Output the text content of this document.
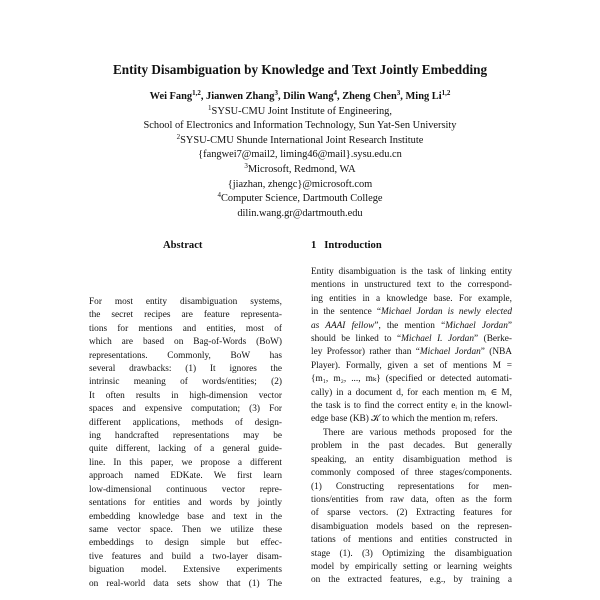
Entity Disambiguation by Knowledge and Text Jointly Embedding
Wei Fang$^{1,2}$, Jianwen Zhang$^3$, Dilin Wang$^4$, Zheng Chen$^3$, Ming Li$^{1,2}$
$^1$SYSU-CMU Joint Institute of Engineering,
School of Electronics and Information Technology, Sun Yat-Sen University
$^2$SYSU-CMU Shunde International Joint Research Institute
{fangwei7@mail2, liming46@mail}.sysu.edu.cn
$^3$Microsoft, Redmond, WA
{jiazhan, zhengc}@microsoft.com
$^4$Computer Science, Dartmouth College
dilin.wang.gr@dartmouth.edu
Abstract	1 Introduction
For most entity disambiguation systems,
the secret recipes are feature representa-
tions for mentions and entities, most of
which are based on Bag-of-Words (BoW)
representations. Commonly, BoW has
several drawbacks: (1) It ignores the
intrinsic meaning of words/entities; (2)
It often results in high-dimension vector
spaces and expensive computation; (3) For
different applications, methods of design-
ing handcrafted representations may be
quite different, lacking of a general guide-
line. In this paper, we propose a different
approach named EDKate. We first learn
low-dimensional continuous vector repre-
sentations for entities and words by jointly
embedding knowledge base and text in the
same vector space. Then we utilize these
embeddings to design simple but effec-
tive features and build a two-layer disam-
biguation model. Extensive experiments
on real-world data sets show that (1) The
Entity disambiguation is the task of linking entity
mentions in unstructured text to the correspond-
ing entities in a knowledge base. For example,
in the sentence “Michael Jordan is newly elected
as AAAI fellow”, the mention “Michael Jordan”
should be linked to “Michael I. Jordan” (Berke-
ley Professor) rather than “Michael Jordan” (NBA
Player). Formally, given a set of mentions M =
{m₁, m₂, ..., mₖ} (specified or detected automati-
cally) in a document d, for each mention mᵢ ∈ M,
the task is to find the correct entity eᵢ in the knowl-
edge base (KB) 𝒦 to which the mention mᵢ refers.
There are various methods proposed for the
problem in the past decades. But generally
speaking, an entity disambiguation method is
commonly composed of three stages/components.
(1) Constructing representations for men-
tions/entities from raw data, often as the form
of sparse vectors. (2) Extracting features for
disambiguation models based on the represen-
tations of mentions and entities constructed in
stage (1). (3) Optimizing the disambiguation
model by empirically setting or learning weights
on the extracted features, e.g., by training a
